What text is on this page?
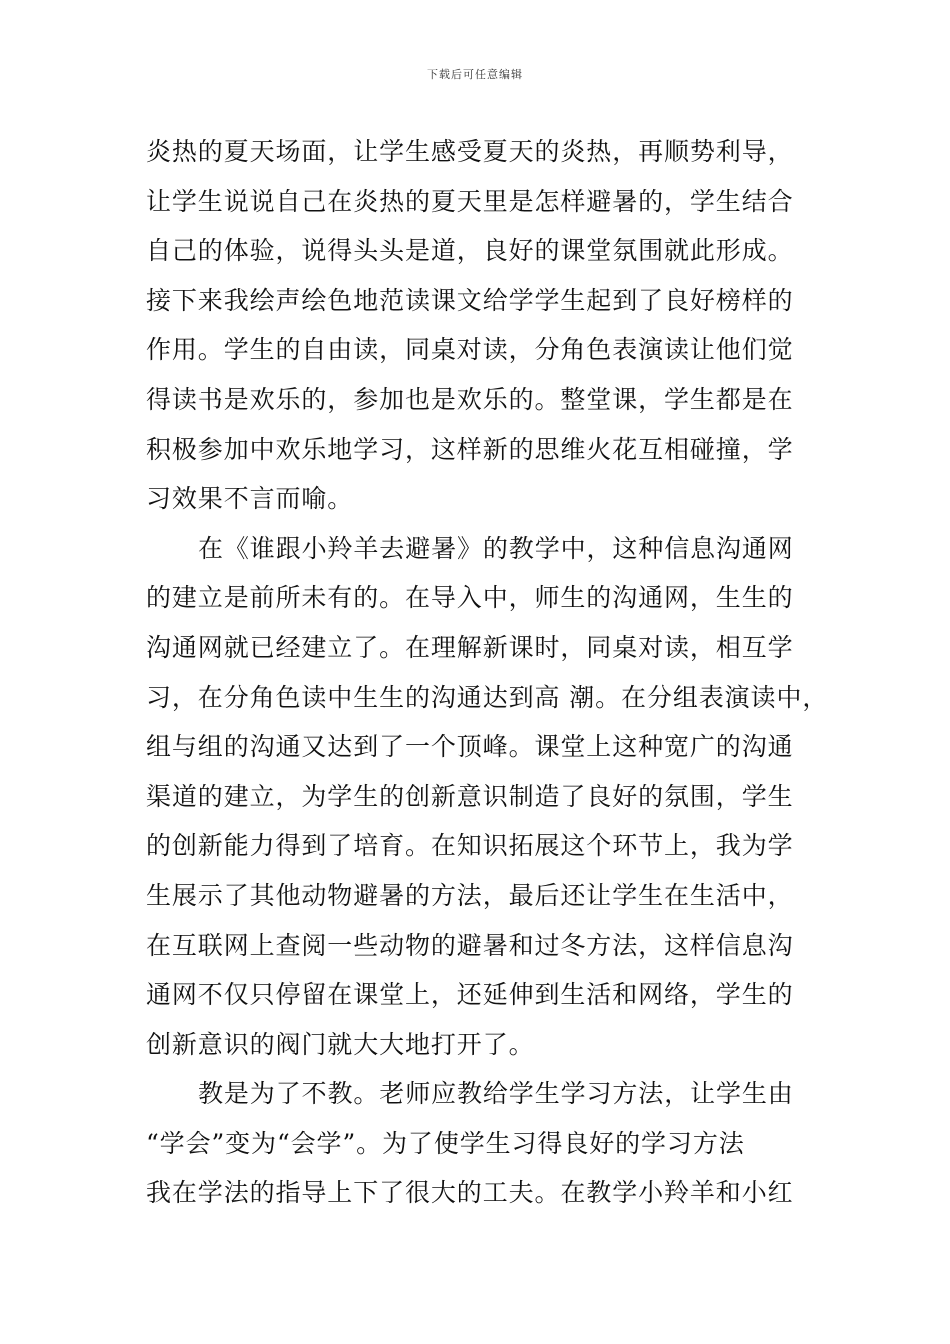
下载后可任意编辑
炎热的夏天场面，让学生感受夏天的炎热，再顺势利导，
让学生说说自己在炎热的夏天里是怎样避暑的，学生结合
自己的体验，说得头头是道，良好的课堂氛围就此形成。
接下来我绘声绘色地范读课文给学学生起到了良好榜样的
作用。学生的自由读，同桌对读，分角色表演读让他们觉
得读书是欢乐的，参加也是欢乐的。整堂课，学生都是在
积极参加中欢乐地学习，这样新的思维火花互相碰撞，学
习效果不言而喻。
在《谁跟小羚羊去避暑》的教学中，这种信息沟通网
的建立是前所未有的。在导入中，师生的沟通网，生生的
沟通网就已经建立了。在理解新课时，同桌对读，相互学
习，在分角色读中生生的沟通达到高 潮。在分组表演读中，
组与组的沟通又达到了一个顶峰。课堂上这种宽广的沟通
渠道的建立，为学生的创新意识制造了良好的氛围，学生
的创新能力得到了培育。在知识拓展这个环节上，我为学
生展示了其他动物避暑的方法，最后还让学生在生活中，
在互联网上查阅一些动物的避暑和过冬方法，这样信息沟
通网不仅只停留在课堂上，还延伸到生活和网络，学生的
创新意识的阀门就大大地打开了。
教是为了不教。老师应教给学生学习方法，让学生由
“学会”变为“会学”。为了使学生习得良好的学习方法
我在学法的指导上下了很大的工夫。在教学小羚羊和小红
